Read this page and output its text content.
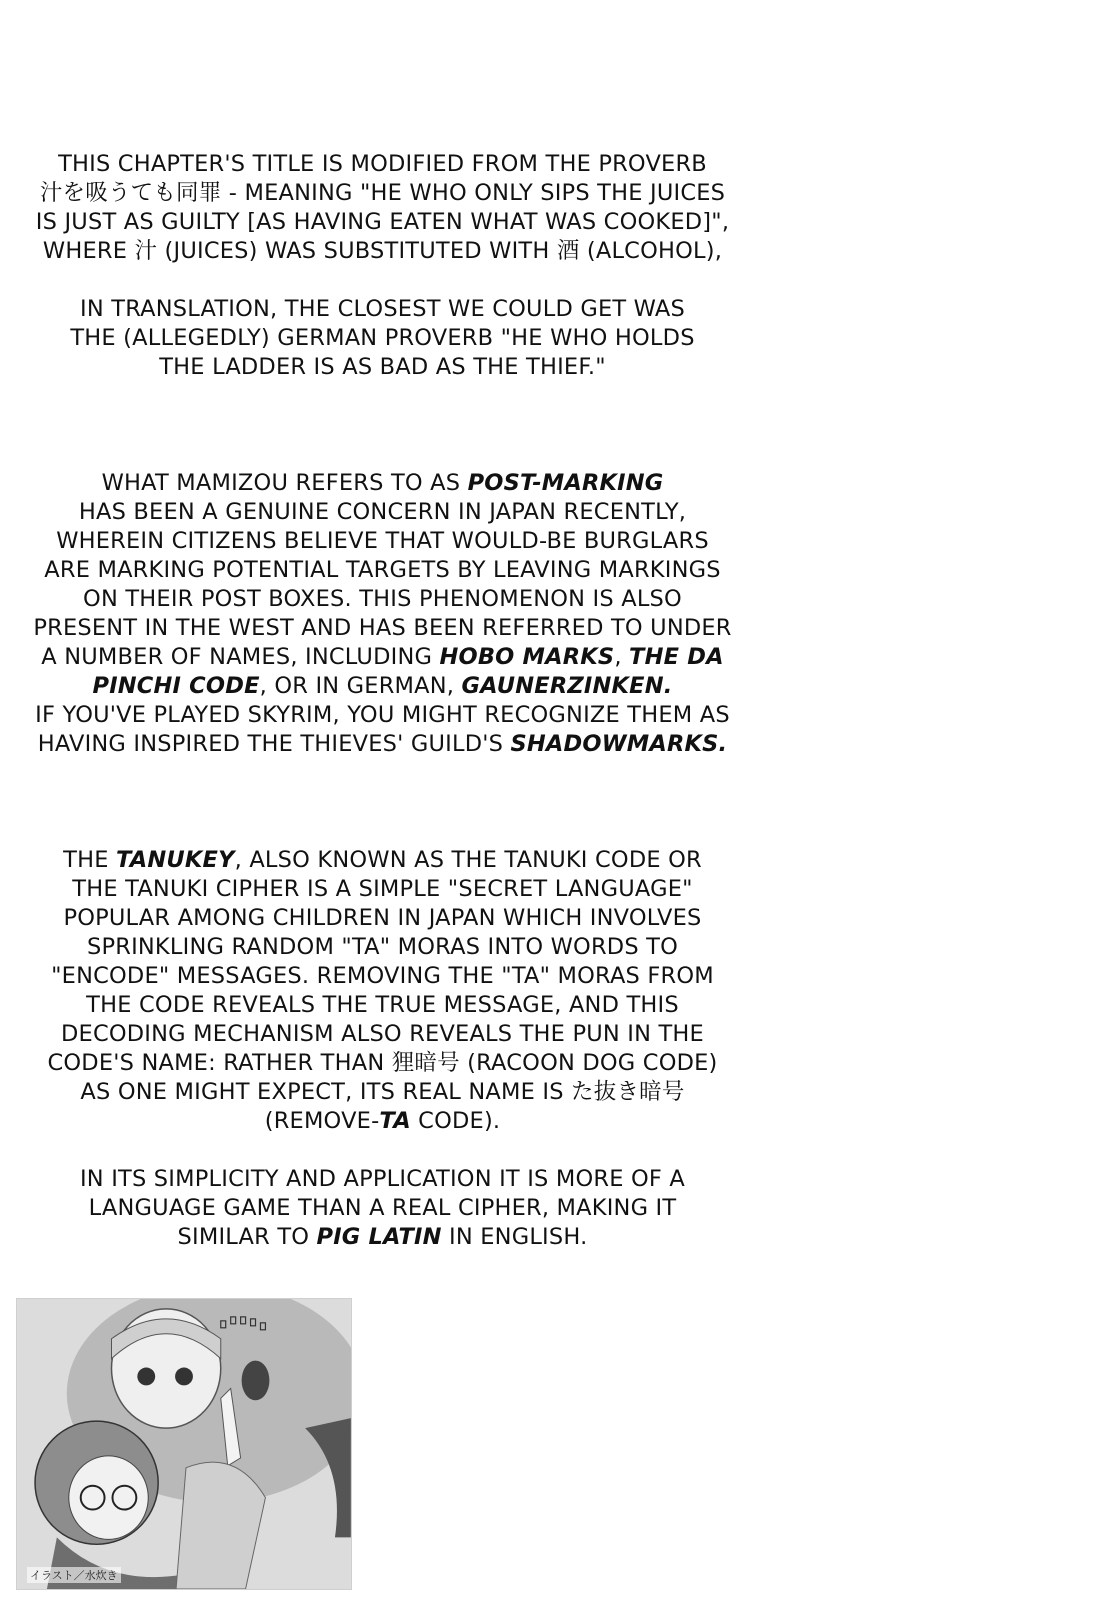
THIS CHAPTER'S TITLE IS MODIFIED FROM THE PROVERB

汁を吸うても同罪 - MEANING "HE WHO ONLY SIPS THE JUICES

IS JUST AS GUILTY [AS HAVING EATEN WHAT WAS COOKED]",

WHERE 汁 (JUICES) WAS SUBSTITUTED WITH 酒 (ALCOHOL),

IN TRANSLATION, THE CLOSEST WE COULD GET WAS

THE (ALLEGEDLY) GERMAN PROVERB "HE WHO HOLDS

THE LADDER IS AS BAD AS THE THIEF."

WHAT MAMIZOU REFERS TO AS POST-MARKING

HAS BEEN A GENUINE CONCERN IN JAPAN RECENTLY,

WHEREIN CITIZENS BELIEVE THAT WOULD-BE BURGLARS

ARE MARKING POTENTIAL TARGETS BY LEAVING MARKINGS

ON THEIR POST BOXES. THIS PHENOMENON IS ALSO

PRESENT IN THE WEST AND HAS BEEN REFERRED TO UNDER

A NUMBER OF NAMES, INCLUDING HOBO MARKS, THE DA

PINCHI CODE, OR IN GERMAN, GAUNERZINKEN.

IF YOU'VE PLAYED SKYRIM, YOU MIGHT RECOGNIZE THEM AS

HAVING INSPIRED THE THIEVES' GUILD'S SHADOWMARKS.

THE TANUKEY, ALSO KNOWN AS THE TANUKI CODE OR

THE TANUKI CIPHER IS A SIMPLE "SECRET LANGUAGE"

POPULAR AMONG CHILDREN IN JAPAN WHICH INVOLVES

SPRINKLING RANDOM "TA" MORAS INTO WORDS TO

"ENCODE" MESSAGES. REMOVING THE "TA" MORAS FROM

THE CODE REVEALS THE TRUE MESSAGE, AND THIS

DECODING MECHANISM ALSO REVEALS THE PUN IN THE

CODE'S NAME: RATHER THAN 狸暗号 (RACOON DOG CODE)

AS ONE MIGHT EXPECT, ITS REAL NAME IS た抜き暗号

(REMOVE-TA CODE).

IN ITS SIMPLICITY AND APPLICATION IT IS MORE OF A

LANGUAGE GAME THAN A REAL CIPHER, MAKING IT

SIMILAR TO PIG LATIN IN ENGLISH.

イラスト／水炊き
